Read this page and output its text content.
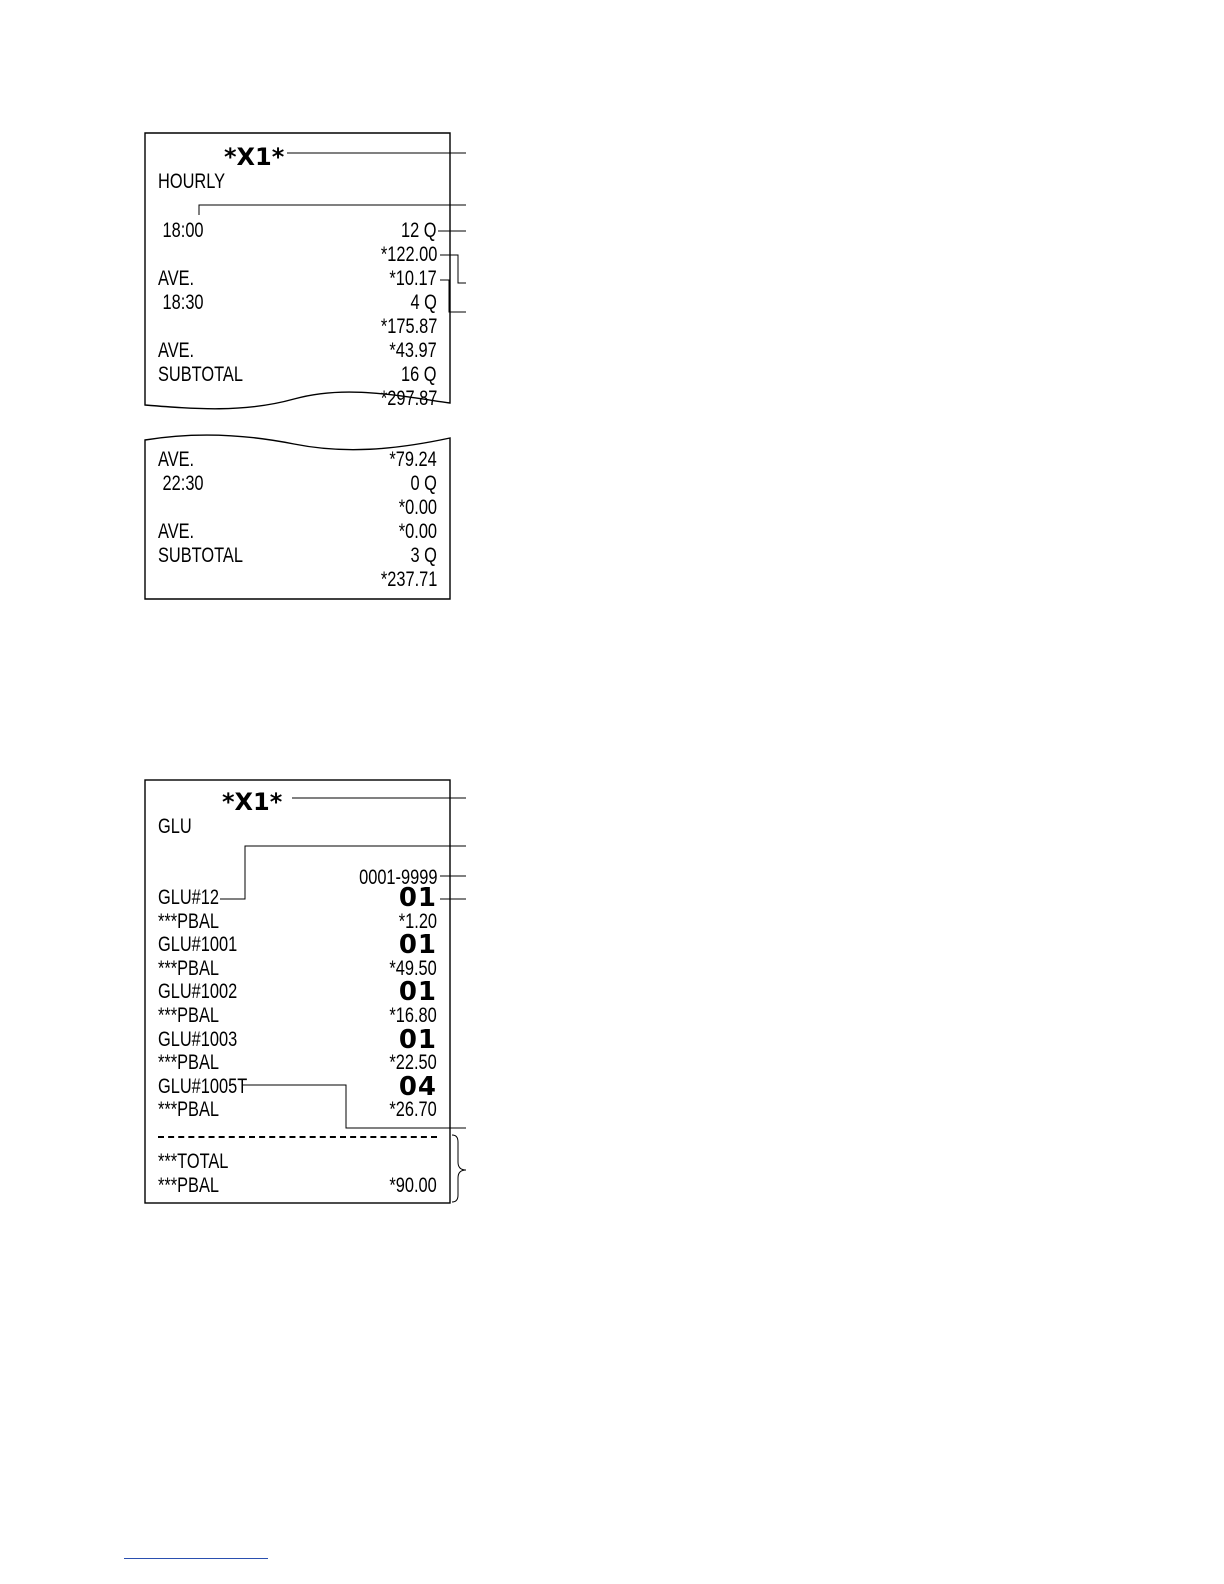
*X1*
HOURLY
18:00	12 Q
*122.00
AVE.	*10.17
18:30	4 Q
*175.87
AVE.	*43.97
SUBTOTAL	16 Q
*297.87
AVE.	*79.24
22:30	0 Q
*0.00
AVE.	*0.00
SUBTOTAL	3 Q
*237.71
*X1*
GLU
0001-9999
GLU#12	01
***PBAL	*1.20
GLU#1001	01
***PBAL	*49.50
GLU#1002	01
***PBAL	*16.80
GLU#1003	01
***PBAL	*22.50
GLU#1005T	04
***PBAL	*26.70
***TOTAL
***PBAL	*90.00
